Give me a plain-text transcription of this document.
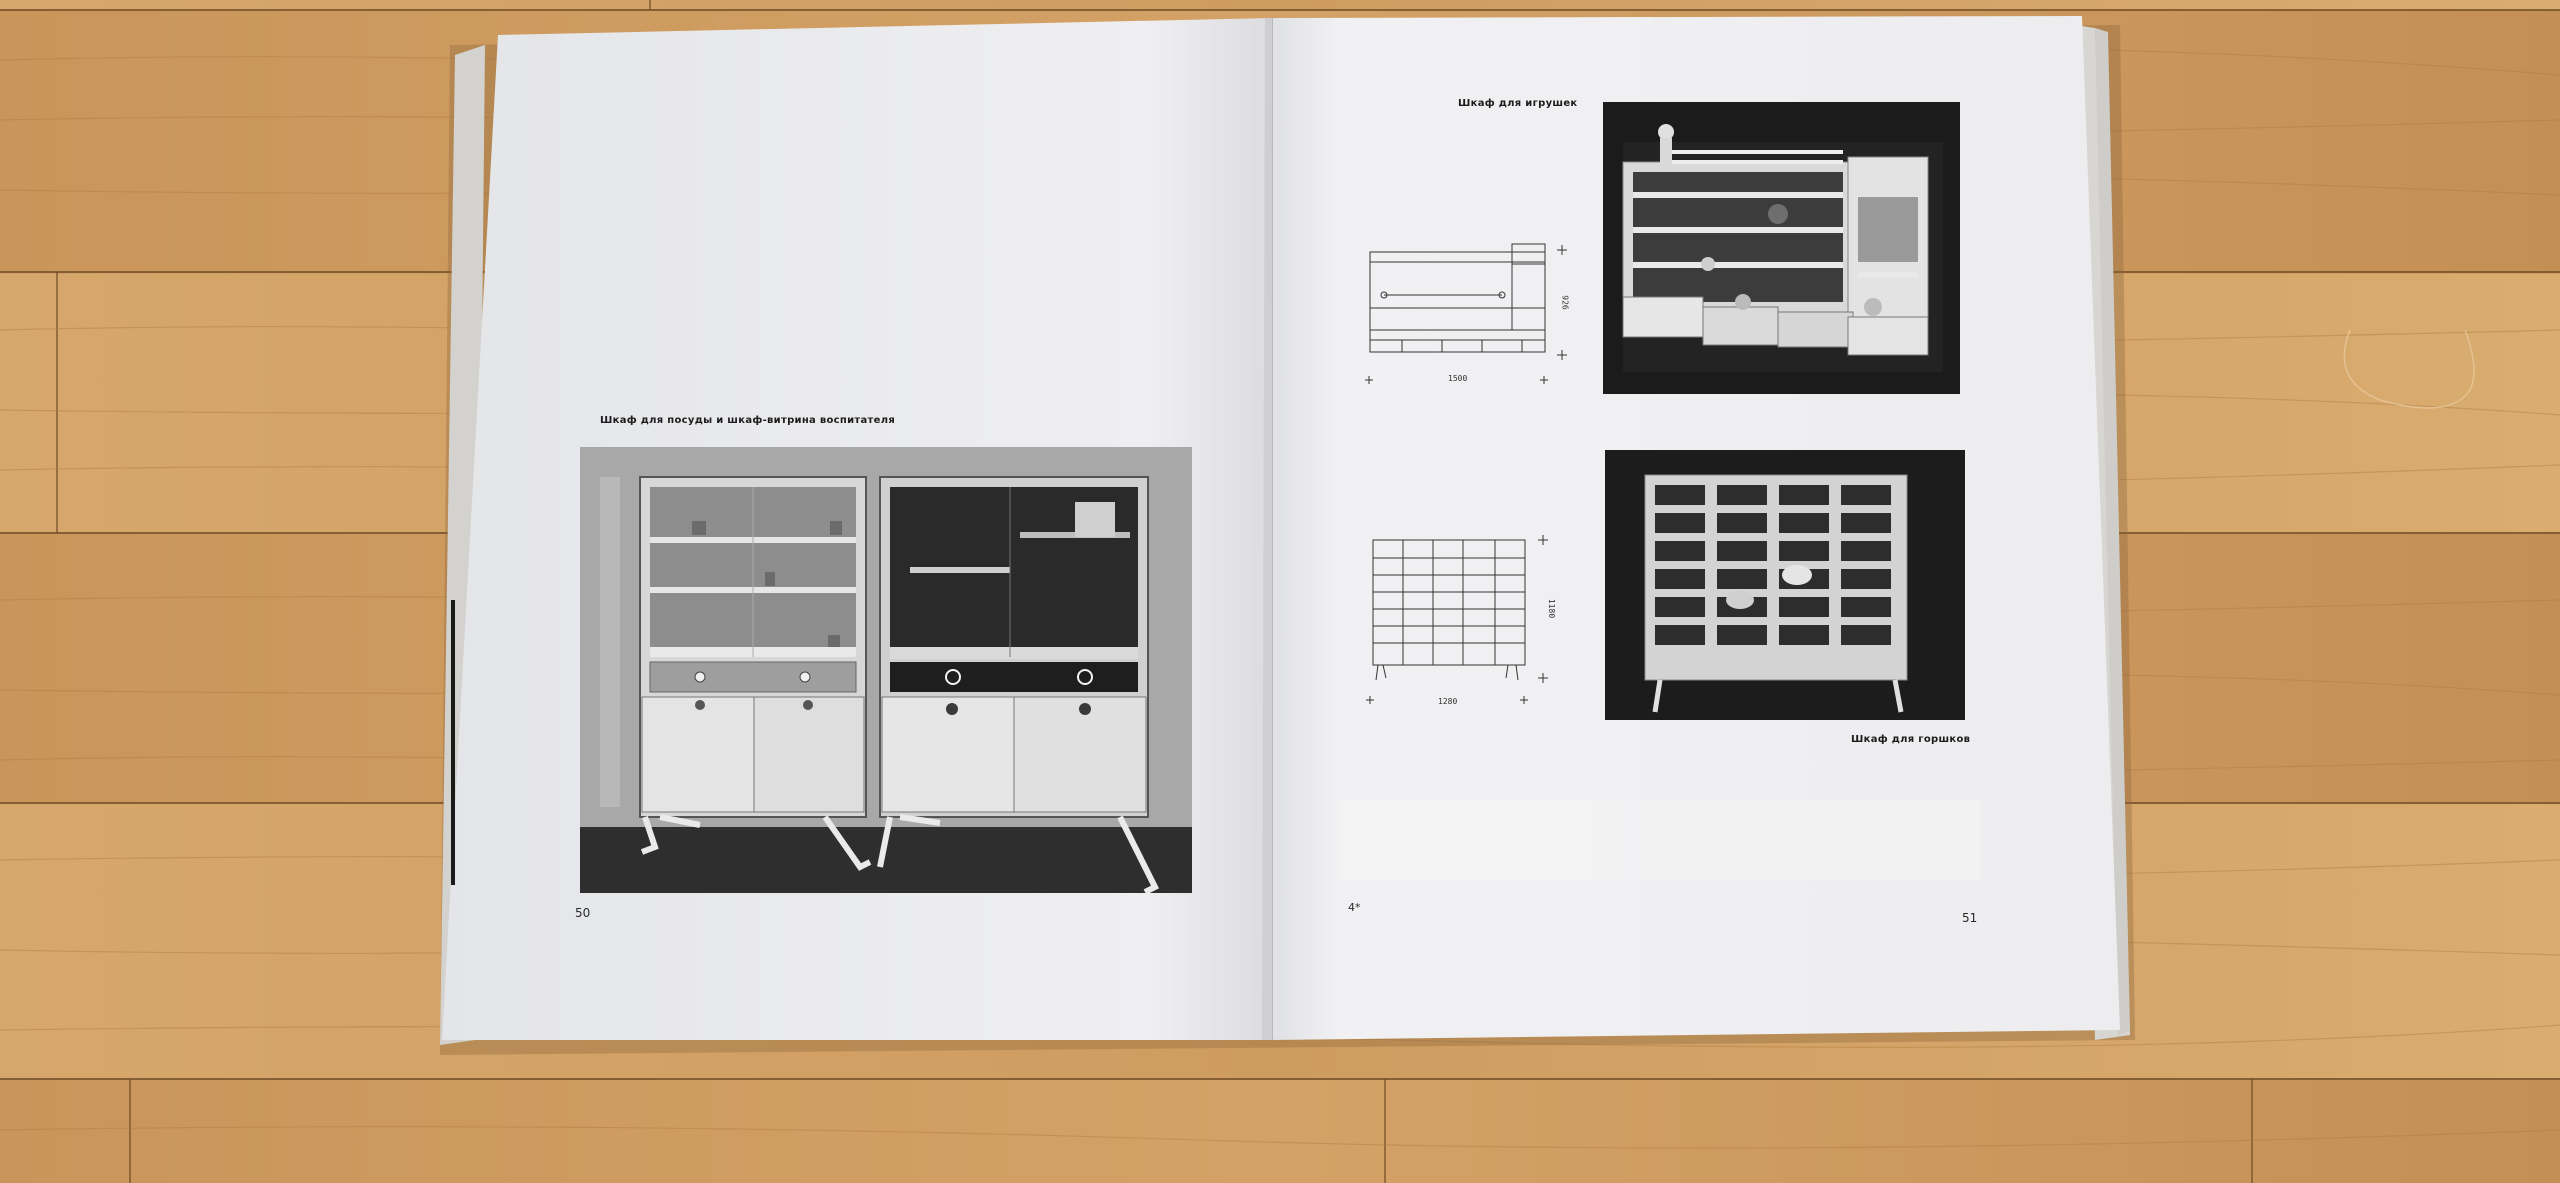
Шкаф для посуды и шкаф-витрина воспитателя
50
Шкаф для игрушек
1500
926
1280
1180
Шкаф для горшков
4*
51
